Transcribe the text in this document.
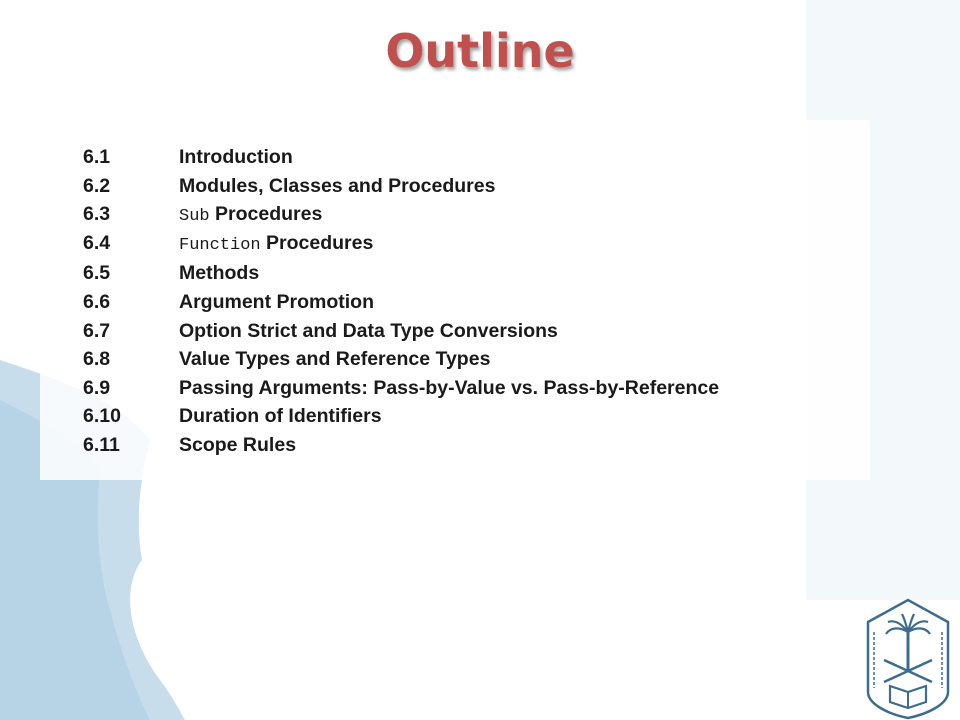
Outline
6.1	Introduction
6.2	Modules, Classes and Procedures
6.3	Sub Procedures
6.4	Function Procedures
6.5	Methods
6.6	Argument Promotion
6.7	Option Strict and Data Type Conversions
6.8	Value Types and Reference Types
6.9	Passing Arguments: Pass-by-Value vs. Pass-by-Reference
6.10	Duration of Identifiers
6.11	Scope Rules
